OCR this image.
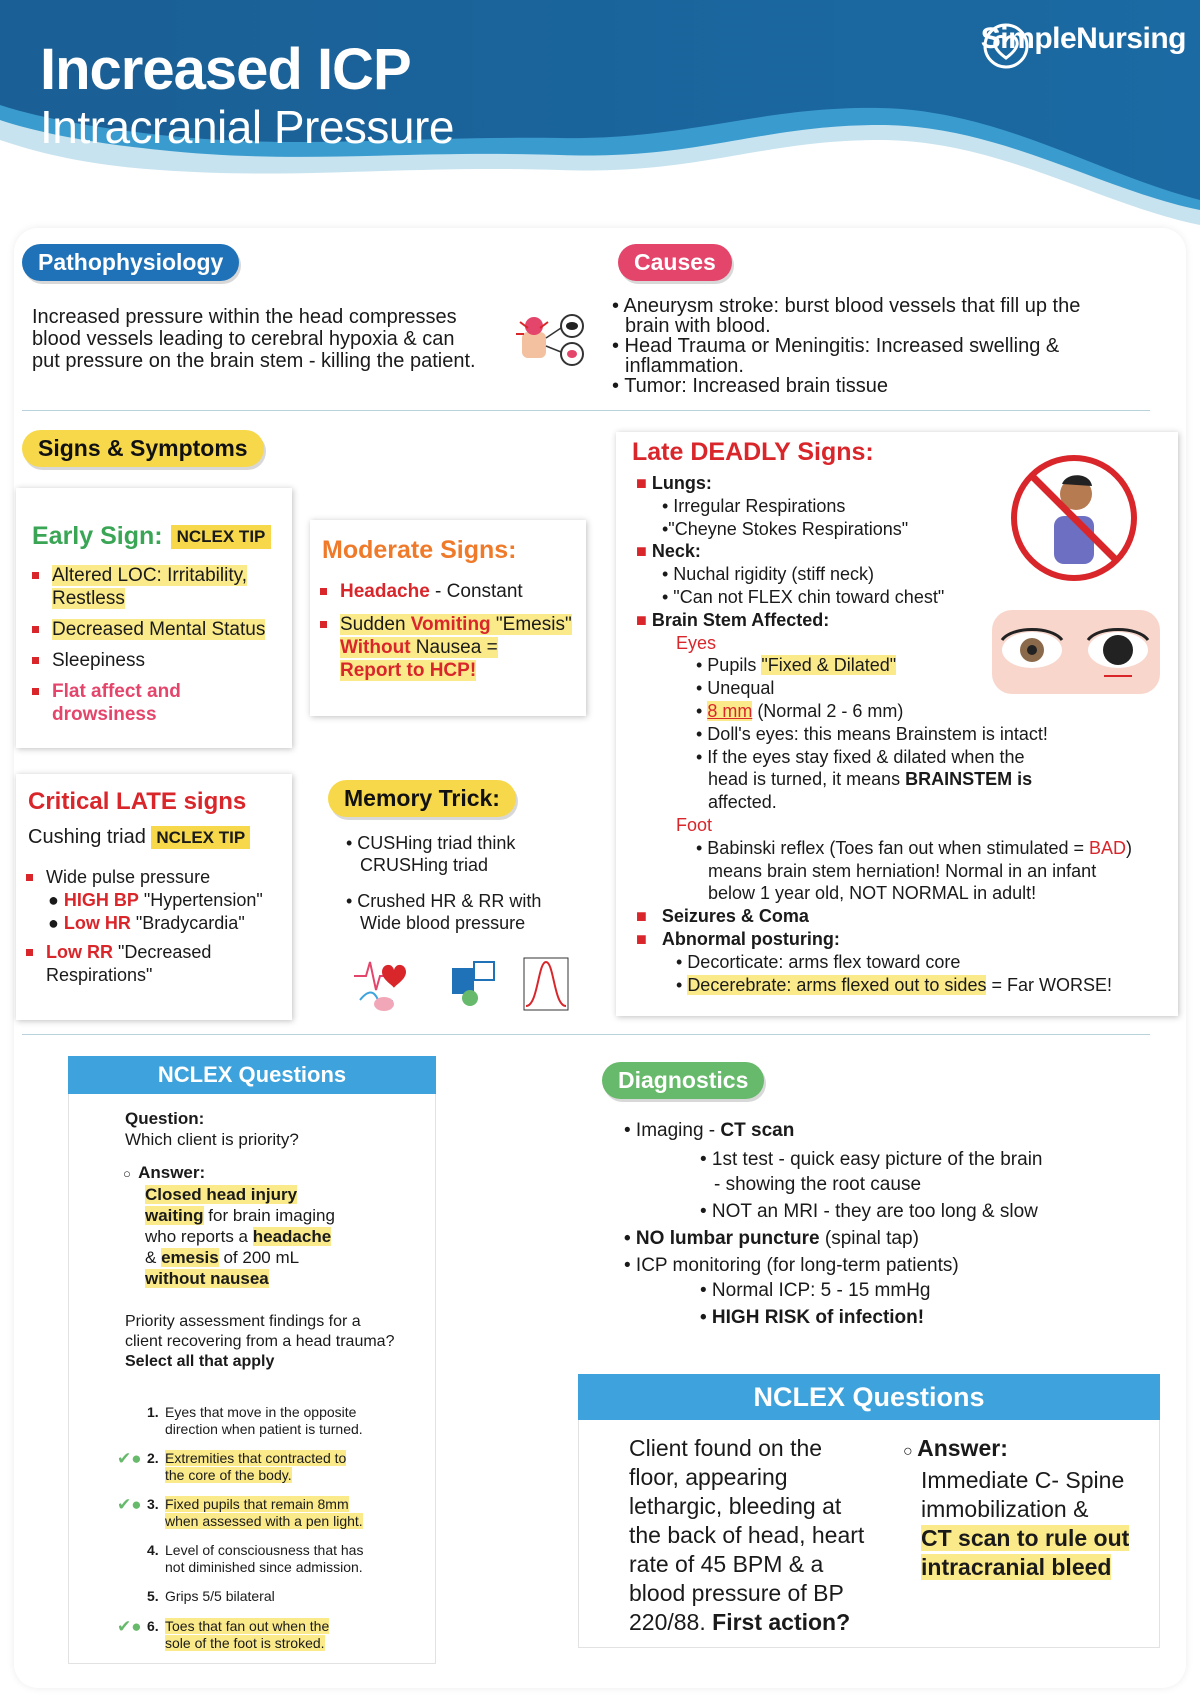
Increased ICP
Intracranial Pressure
SimpleNursing
Pathophysiology
Increased pressure within the head compresses
blood vessels leading to cerebral hypoxia & can
put pressure on the brain stem - killing the patient.
Causes
• Aneurysm stroke: burst blood vessels that fill up the
brain with blood.
• Head Trauma or Meningitis: Increased swelling &
inflammation.
• Tumor: Increased brain tissue
Signs & Symptoms
Early Sign: NCLEX TIP
Altered LOC: Irritability,
Restless
Decreased Mental Status
Sleepiness
Flat affect and
drowsiness
Moderate Signs:
Headache - Constant
Sudden Vomiting "Emesis"
Without Nausea =
Report to HCP!
Critical LATE signs
Cushing triad NCLEX TIP
Wide pulse pressure
● HIGH BP "Hypertension"
● Low HR "Bradycardia"
Low RR "Decreased
Respirations"
Memory Trick:
• CUSHing triad think
CRUSHing triad
• Crushed HR & RR with
Wide blood pressure
Late DEADLY Signs:
■ Lungs:
• Irregular Respirations
•"Cheyne Stokes Respirations"
■ Neck:
• Nuchal rigidity (stiff neck)
• "Can not FLEX chin toward chest"
■ Brain Stem Affected:
Eyes
• Pupils "Fixed & Dilated"
• Unequal
• 8 mm (Normal 2 - 6 mm)
• Doll's eyes: this means Brainstem is intact!
• If the eyes stay fixed & dilated when the
head is turned, it means BRAINSTEM is
affected.
Foot
• Babinski reflex (Toes fan out when stimulated = BAD)
means brain stem herniation! Normal in an infant
below 1 year old, NOT NORMAL in adult!
■ Seizures & Coma
■ Abnormal posturing:
• Decorticate: arms flex toward core
• Decerebrate: arms flexed out to sides = Far WORSE!
NCLEX Questions
Question:
Which client is priority?
○  Answer:
Closed head injury
waiting for brain imaging
who reports a headache
& emesis of 200 mL
without nausea
Priority assessment findings for a
client recovering from a head trauma?
Select all that apply
1. Eyes that move in the opposite
direction when patient is turned.
✔● 2. Extremities that contracted to
the core of the body.
✔● 3. Fixed pupils that remain 8mm
when assessed with a pen light.
4. Level of consciousness that has
not diminished since admission.
5. Grips 5/5 bilateral
✔● 6. Toes that fan out when the
sole of the foot is stroked.
Diagnostics
• Imaging - CT scan
• 1st test - quick easy picture of the brain
- showing the root cause
• NOT an MRI - they are too long & slow
• NO lumbar puncture (spinal tap)
• ICP monitoring (for long-term patients)
• Normal ICP: 5 - 15 mmHg
• HIGH RISK of infection!
NCLEX Questions
Client found on the
floor, appearing
lethargic, bleeding at
the back of head, heart
rate of 45 BPM & a
blood pressure of BP
220/88. First action?
○ Answer:
Immediate C- Spine
immobilization &
CT scan to rule out
intracranial bleed
